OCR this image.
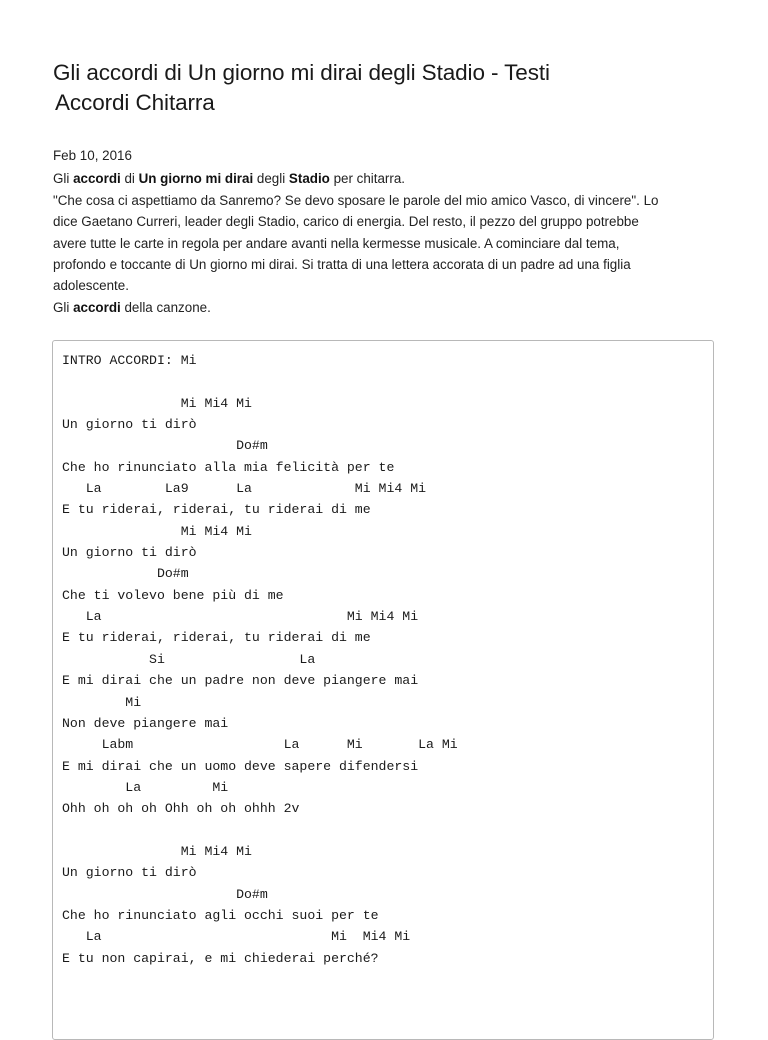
Gli accordi di Un giorno mi dirai degli Stadio - Testi
Accordi Chitarra

Feb 10, 2016

Gli accordi di Un giorno mi dirai degli Stadio per chitarra.

"Che cosa ci aspettiamo da Sanremo? Se devo sposare le parole del mio amico Vasco, di vincere". Lo
dice Gaetano Curreri, leader degli Stadio, carico di energia. Del resto, il pezzo del gruppo potrebbe
avere tutte le carte in regola per andare avanti nella kermesse musicale. A cominciare dal tema,
profondo e toccante di Un giorno mi dirai. Si tratta di una lettera accorata di un padre ad una figlia
adolescente.

Gli accordi della canzone.

INTRO ACCORDI: Mi
Mi Mi4 Mi
Un giorno ti dirò
Do#m
Che ho rinunciato alla mia felicità per te
La        La9      La             Mi Mi4 Mi
E tu riderai, riderai, tu riderai di me
Mi Mi4 Mi
Un giorno ti dirò
Do#m
Che ti volevo bene più di me
La                               Mi Mi4 Mi
E tu riderai, riderai, tu riderai di me
Si                 La
E mi dirai che un padre non deve piangere mai
Mi
Non deve piangere mai
Labm                   La      Mi       La Mi
E mi dirai che un uomo deve sapere difendersi
La         Mi
Ohh oh oh oh Ohh oh oh ohhh 2v
Mi Mi4 Mi
Un giorno ti dirò
Do#m
Che ho rinunciato agli occhi suoi per te
La                             Mi  Mi4 Mi
E tu non capirai, e mi chiederai perché?
